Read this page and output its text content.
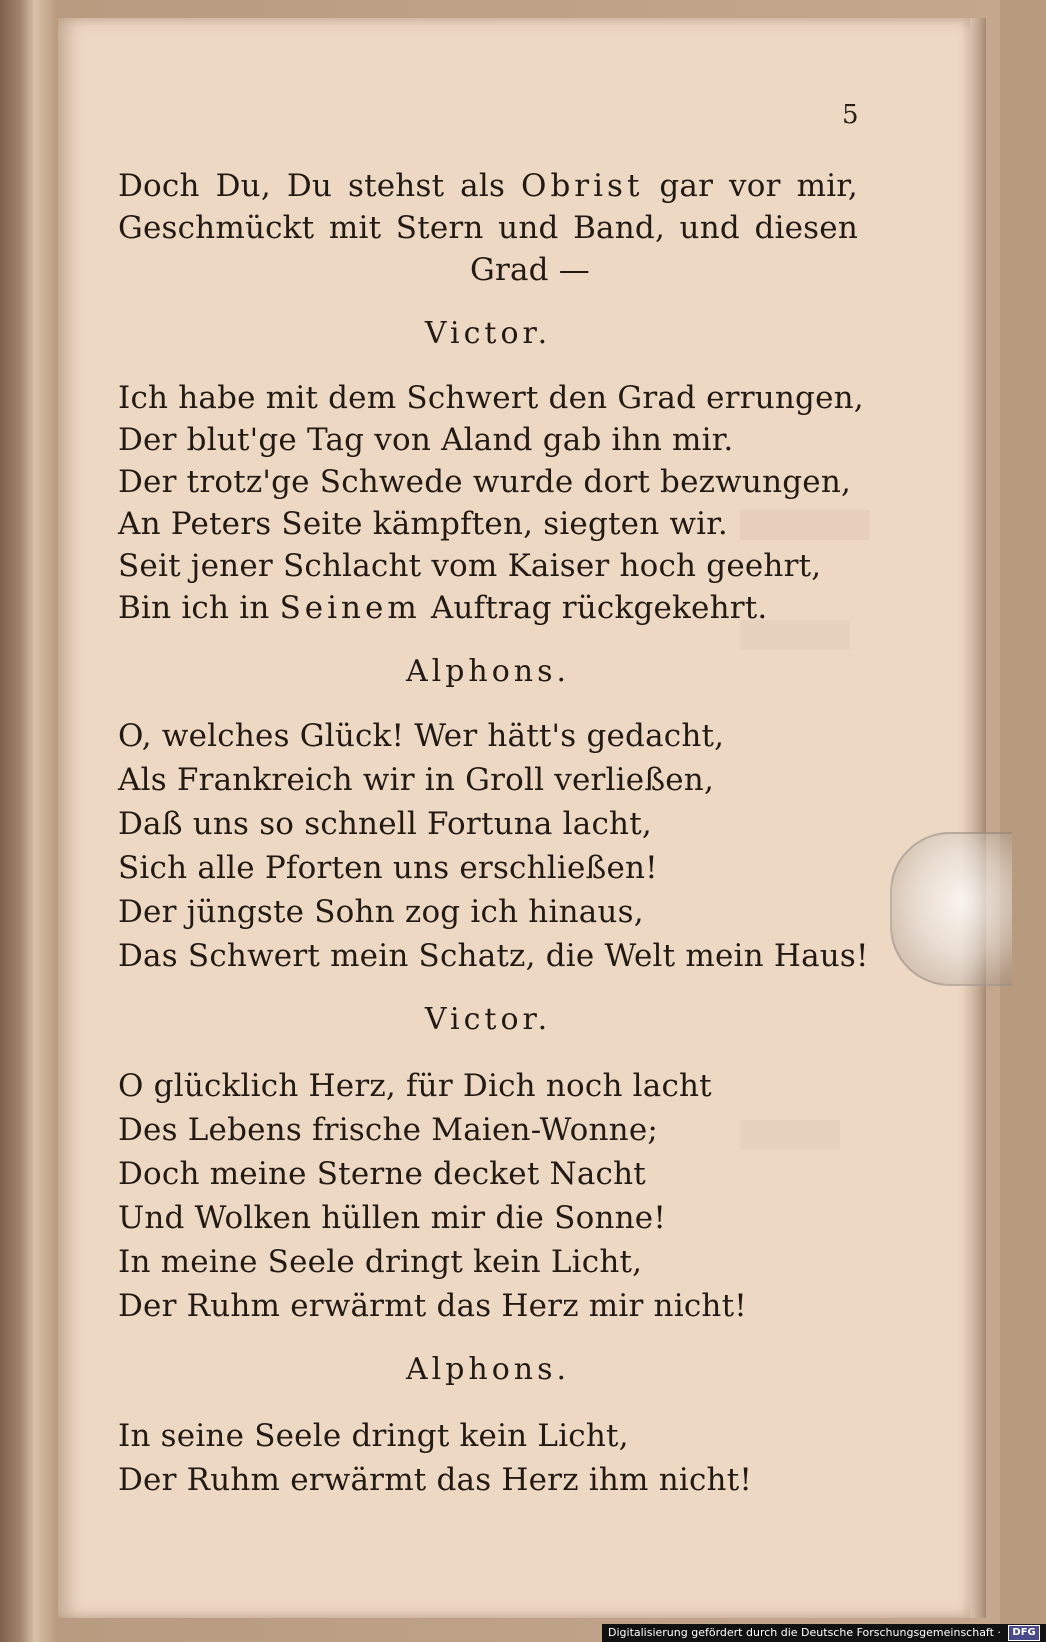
5
Doch Du, Du stehst als Obrist gar vor mir,
Geschmückt mit Stern und Band, und diesen
Grad —
Victor.
Ich habe mit dem Schwert den Grad errungen,
Der blut'ge Tag von Aland gab ihn mir.
Der trotz'ge Schwede wurde dort bezwungen,
An Peters Seite kämpften, siegten wir.
Seit jener Schlacht vom Kaiser hoch geehrt,
Bin ich in Seinem Auftrag rückgekehrt.
Alphons.
O, welches Glück! Wer hätt's gedacht,
Als Frankreich wir in Groll verließen,
Daß uns so schnell Fortuna lacht,
Sich alle Pforten uns erschließen!
Der jüngste Sohn zog ich hinaus,
Das Schwert mein Schatz, die Welt mein Haus!
Victor.
O glücklich Herz, für Dich noch lacht
Des Lebens frische Maien-Wonne;
Doch meine Sterne decket Nacht
Und Wolken hüllen mir die Sonne!
In meine Seele dringt kein Licht,
Der Ruhm erwärmt das Herz mir nicht!
Alphons.
In seine Seele dringt kein Licht,
Der Ruhm erwärmt das Herz ihm nicht!
Digitalisierung gefördert durch die Deutsche Forschungsgemeinschaft · DFG
